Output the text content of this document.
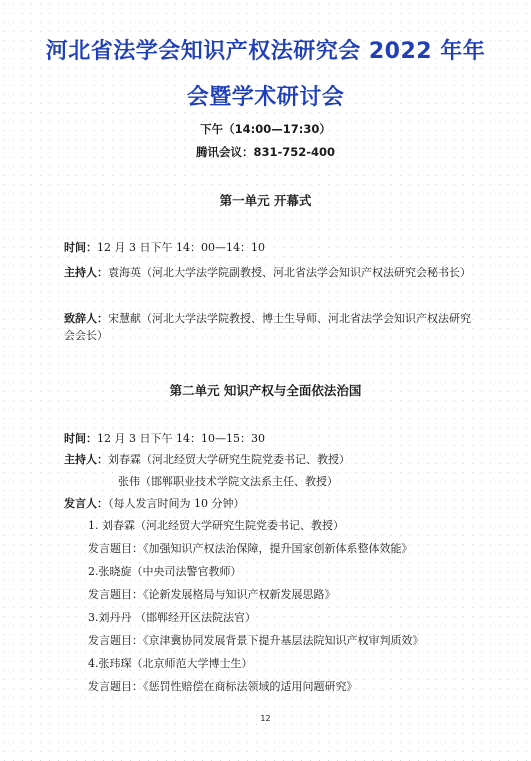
河北省法学会知识产权法研究会 2022 年年
会暨学术研讨会
下午（14:00—17:30）
腾讯会议：831-752-400
第一单元 开幕式
时间：12 月 3 日下午 14：00—14：10
主持人：袁海英（河北大学法学院副教授、河北省法学会知识产权法研究会秘书长）
致辞人：宋慧献（河北大学法学院教授、博士生导师、河北省法学会知识产权法研究会会长）
第二单元 知识产权与全面依法治国
时间：12 月 3 日下午 14：10—15：30
主持人：刘春霖（河北经贸大学研究生院党委书记、教授）
张伟（邯郸职业技术学院文法系主任、教授）
发言人：（每人发言时间为 10 分钟）
1. 刘春霖（河北经贸大学研究生院党委书记、教授）
发言题目：《加强知识产权法治保障，提升国家创新体系整体效能》
2.张晓旋（中央司法警官教师）
发言题目：《论新发展格局与知识产权新发展思路》
3.刘丹丹 （邯郸经开区法院法官）
发言题目：《京津冀协同发展背景下提升基层法院知识产权审判质效》
4.张玮琛（北京师范大学博士生）
发言题目：《惩罚性赔偿在商标法领域的适用问题研究》
12
